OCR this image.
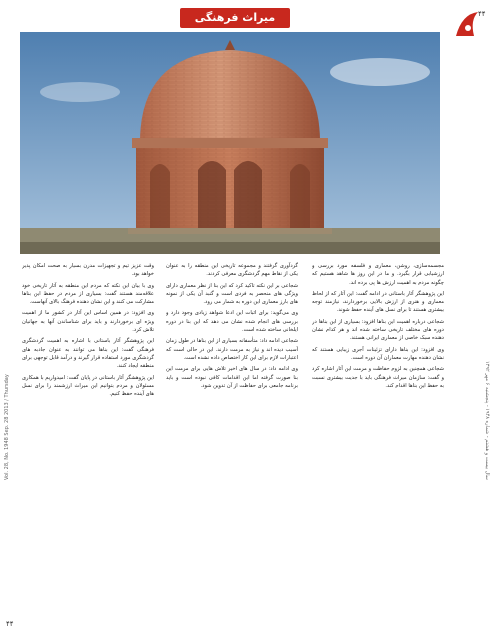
میراث فرهنگی
Vol. 28, No. 1948 Sep. 28 2013 / Thursday
سال بیست و هشتم - شماره ۱۹۴۸ - پنجشنبه ۶ مهر ۱۳۹۲
۴۴
۴۴

مجسمه‌سازی، روشن، معماری و فلسفه مورد بررسی و ارزشیابی قرار بگیرد. و ما در این روز ها شاهد هستیم که چگونه مردم به اهمیت ارزش ها پی برده اند.

این پژوهشگر آثار باستانی در ادامه گفت: این آثار که از لحاظ معماری و هنری از ارزش بالایی برخوردارند، نیازمند توجه بیشتری هستند تا برای نسل های آینده حفظ شوند.

شجاعی درباره اهمیت این بناها افزود: بسیاری از این بناها در دوره های مختلف تاریخی ساخته شده اند و هر کدام نشان دهنده سبک خاصی از معماری ایرانی هستند.

وی افزود: این بناها دارای تزئینات آجری زیبایی هستند که نشان دهنده مهارت معماران آن دوره است.

شجاعی همچنین به لزوم حفاظت و مرمت این آثار اشاره کرد و گفت: سازمان میراث فرهنگی باید با جدیت بیشتری نسبت به حفظ این بناها اقدام کند.

گردآوری گرفتند و مجموعه تاریخی این منطقه را به عنوان یکی از نقاط مهم گردشگری معرفی کردند.

شجاعی بر این نکته تاکید کرد که این بنا از نظر معماری دارای ویژگی های منحصر به فردی است و گنبد آن یکی از نمونه های بارز معماری این دوره به شمار می رود.

وی می‌گوید: برای اثبات این ادعا شواهد زیادی وجود دارد و بررسی های انجام شده نشان می دهد که این بنا در دوره ایلخانی ساخته شده است.

شجاعی ادامه داد: متأسفانه بسیاری از این بناها در طول زمان آسیب دیده اند و نیاز به مرمت دارند. این در حالی است که اعتبارات لازم برای این کار اختصاص داده نشده است.

وی ادامه داد: در سال های اخیر تلاش هایی برای مرمت این بنا صورت گرفته اما این اقدامات کافی نبوده است و باید برنامه جامعی برای حفاظت از آن تدوین شود.

وقت عزیز تیم و تجهیزات مدرن بسیار به صحت امکان پذیر خواهد بود.

وی با بیان این نکته که مردم این منطقه به آثار تاریخی خود علاقه‌مند هستند گفت: بسیاری از مردم در حفظ این بناها مشارکت می کنند و این نشان دهنده فرهنگ بالای آنهاست.

وی افزود: در همین اساس این آثار در کشور ما از اهمیت ویژه ای برخوردارند و باید برای شناساندن آنها به جهانیان تلاش کرد.

این پژوهشگر آثار باستانی با اشاره به اهمیت گردشگری فرهنگی گفت: این بناها می توانند به عنوان جاذبه های گردشگری مورد استفاده قرار گیرند و درآمد قابل توجهی برای منطقه ایجاد کنند.

این پژوهشگر آثار باستانی در پایان گفت: امیدواریم با همکاری مسئولان و مردم بتوانیم این میراث ارزشمند را برای نسل های آینده حفظ کنیم.
